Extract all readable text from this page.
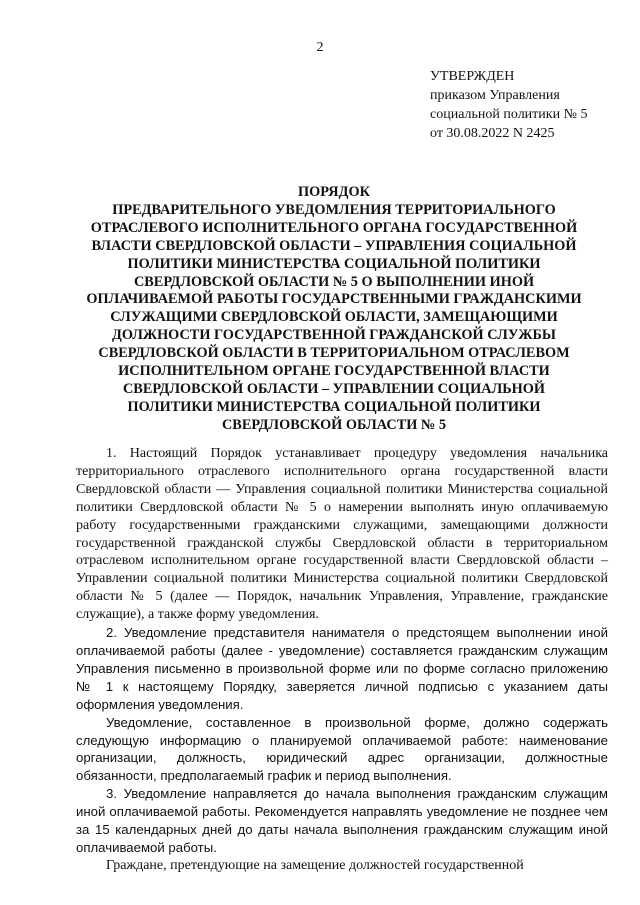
2
УТВЕРЖДЕН
приказом Управления
социальной политики № 5
от 30.08.2022 N 2425
ПОРЯДОК
ПРЕДВАРИТЕЛЬНОГО УВЕДОМЛЕНИЯ ТЕРРИТОРИАЛЬНОГО
ОТРАСЛЕВОГО ИСПОЛНИТЕЛЬНОГО ОРГАНА ГОСУДАРСТВЕННОЙ
ВЛАСТИ СВЕРДЛОВСКОЙ ОБЛАСТИ – УПРАВЛЕНИЯ СОЦИАЛЬНОЙ
ПОЛИТИКИ МИНИСТЕРСТВА СОЦИАЛЬНОЙ ПОЛИТИКИ
СВЕРДЛОВСКОЙ ОБЛАСТИ № 5 О ВЫПОЛНЕНИИ ИНОЙ
ОПЛАЧИВАЕМОЙ РАБОТЫ ГОСУДАРСТВЕННЫМИ ГРАЖДАНСКИМИ
СЛУЖАЩИМИ СВЕРДЛОВСКОЙ ОБЛАСТИ, ЗАМЕЩАЮЩИМИ
ДОЛЖНОСТИ ГОСУДАРСТВЕННОЙ ГРАЖДАНСКОЙ СЛУЖБЫ
СВЕРДЛОВСКОЙ ОБЛАСТИ В ТЕРРИТОРИАЛЬНОМ ОТРАСЛЕВОМ
ИСПОЛНИТЕЛЬНОМ ОРГАНЕ ГОСУДАРСТВЕННОЙ ВЛАСТИ
СВЕРДЛОВСКОЙ ОБЛАСТИ – УПРАВЛЕНИИ СОЦИАЛЬНОЙ
ПОЛИТИКИ МИНИСТЕРСТВА СОЦИАЛЬНОЙ ПОЛИТИКИ
СВЕРДЛОВСКОЙ ОБЛАСТИ № 5

1. Настоящий Порядок устанавливает процедуру уведомления начальника территориального отраслевого исполнительного органа государственной власти Свердловской области — Управления социальной политики Министерства социальной политики Свердловской области № 5 о намерении выполнять иную оплачиваемую работу государственными гражданскими служащими, замещающими должности государственной гражданской службы Свердловской области в территориальном отраслевом исполнительном органе государственной власти Свердловской области – Управлении социальной политики Министерства социальной политики Свердловской области № 5 (далее — Порядок, начальник Управления, Управление, гражданские служащие), а также форму уведомления.

2. Уведомление представителя нанимателя о предстоящем выполнении иной оплачиваемой работы (далее - уведомление) составляется гражданским служащим Управления письменно в произвольной форме или по форме согласно приложению № 1 к настоящему Порядку, заверяется личной подписью с указанием даты оформления уведомления.

Уведомление, составленное в произвольной форме, должно содержать следующую информацию о планируемой оплачиваемой работе: наименование организации, должность, юридический адрес организации, должностные обязанности, предполагаемый график и период выполнения.

3. Уведомление направляется до начала выполнения гражданским служащим иной оплачиваемой работы. Рекомендуется направлять уведомление не позднее чем за 15 календарных дней до даты начала выполнения гражданским служащим иной оплачиваемой работы.

Граждане, претендующие на замещение должностей государственной
